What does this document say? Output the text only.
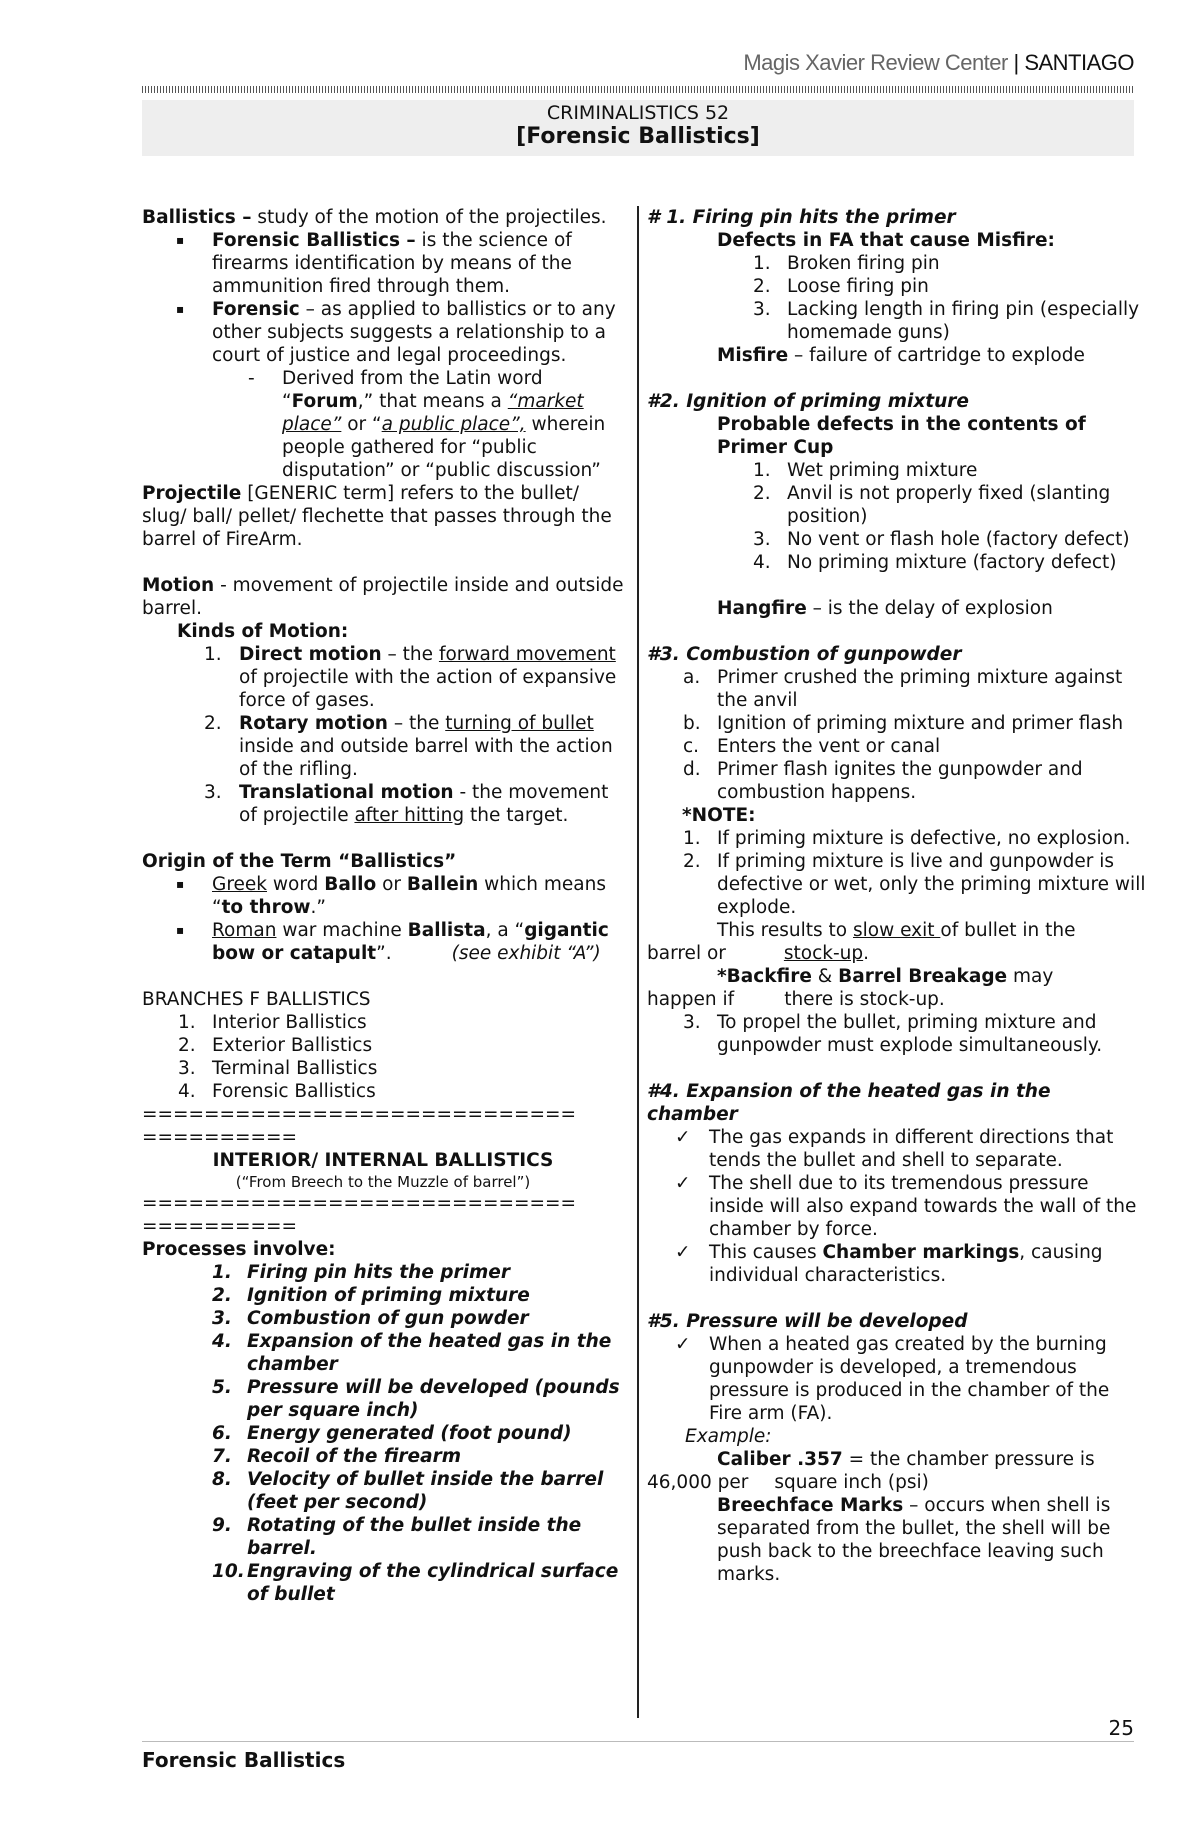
Magis Xavier Review Center | SANTIAGO
CRIMINALISTICS 52
[Forensic Ballistics]

Ballistics – study of the motion of the projectiles.

▪ Forensic Ballistics – is the science of firearms identification by means of the ammunition fired through them.
▪ Forensic – as applied to ballistics or to any other subjects suggests a relationship to a court of justice and legal proceedings.
- Derived from the Latin word “Forum,” that means a “market place” or “a public place”, wherein people gathered for “public disputation” or “public discussion”

Projectile [GENERIC term] refers to the bullet/ slug/ ball/ pellet/ flechette that passes through the barrel of FireArm.

Motion - movement of projectile inside and outside barrel.

Kinds of Motion:

1. Direct motion – the forward movement of projectile with the action of expansive force of gases.
2. Rotary motion – the turning of bullet inside and outside barrel with the action of the rifling.
3. Translational motion - the movement of projectile after hitting the target.

Origin of the Term “Ballistics”

▪ Greek word Ballo or Ballein which means “to throw.”
▪ Roman war machine Ballista, a “gigantic bow or catapult”.	(see exhibit “A”)

BRANCHES F BALLISTICS

1. Interior Ballistics
2. Exterior Ballistics
3. Terminal Ballistics
4. Forensic Ballistics

============================

==========

INTERIOR/ INTERNAL BALLISTICS

(“From Breech to the Muzzle of barrel”)

============================

==========

Processes involve:

1. Firing pin hits the primer
2. Ignition of priming mixture
3. Combustion of gun powder
4. Expansion of the heated gas in the chamber
5. Pressure will be developed (pounds per square inch)
6. Energy generated (foot pound)
7. Recoil of the firearm
8. Velocity of bullet inside the barrel (feet per second)
9. Rotating of the bullet inside the barrel.
10. Engraving of the cylindrical surface of bullet

# 1. Firing pin hits the primer

Defects in FA that cause Misfire:

1. Broken firing pin
2. Loose firing pin
3. Lacking length in firing pin (especially homemade guns)

Misfire – failure of cartridge to explode

#2. Ignition of priming mixture

Probable defects in the contents of Primer Cup

1. Wet priming mixture
2. Anvil is not properly fixed (slanting position)
3. No vent or flash hole (factory defect)
4. No priming mixture (factory defect)

Hangfire – is the delay of explosion

#3. Combustion of gunpowder

a. Primer crushed the priming mixture against the anvil
b. Ignition of priming mixture and primer flash
c. Enters the vent or canal
d. Primer flash ignites the gunpowder and combustion happens.

*NOTE:

1. If priming mixture is defective, no explosion.
2. If priming mixture is live and gunpowder is defective or wet, only the priming mixture will explode.

This results to slow exit of bullet in the

barrel or	stock-up.

*Backfire & Barrel Breakage may

happen if	there is stock-up.

3. To propel the bullet, priming mixture and gunpowder must explode simultaneously.

#4. Expansion of the heated gas in the chamber

✓ The gas expands in different directions that tends the bullet and shell to separate.
✓ The shell due to its tremendous pressure inside will also expand towards the wall of the chamber by force.
✓ This causes Chamber markings, causing individual characteristics.

#5. Pressure will be developed

✓ When a heated gas created by the burning gunpowder is developed, a tremendous pressure is produced in the chamber of the Fire arm (FA).

Example:

Caliber .357 = the chamber pressure is

46,000 per square inch (psi)

Breechface Marks – occurs when shell is separated from the bullet, the shell will be push back to the breechface leaving such marks.

25
Forensic Ballistics
